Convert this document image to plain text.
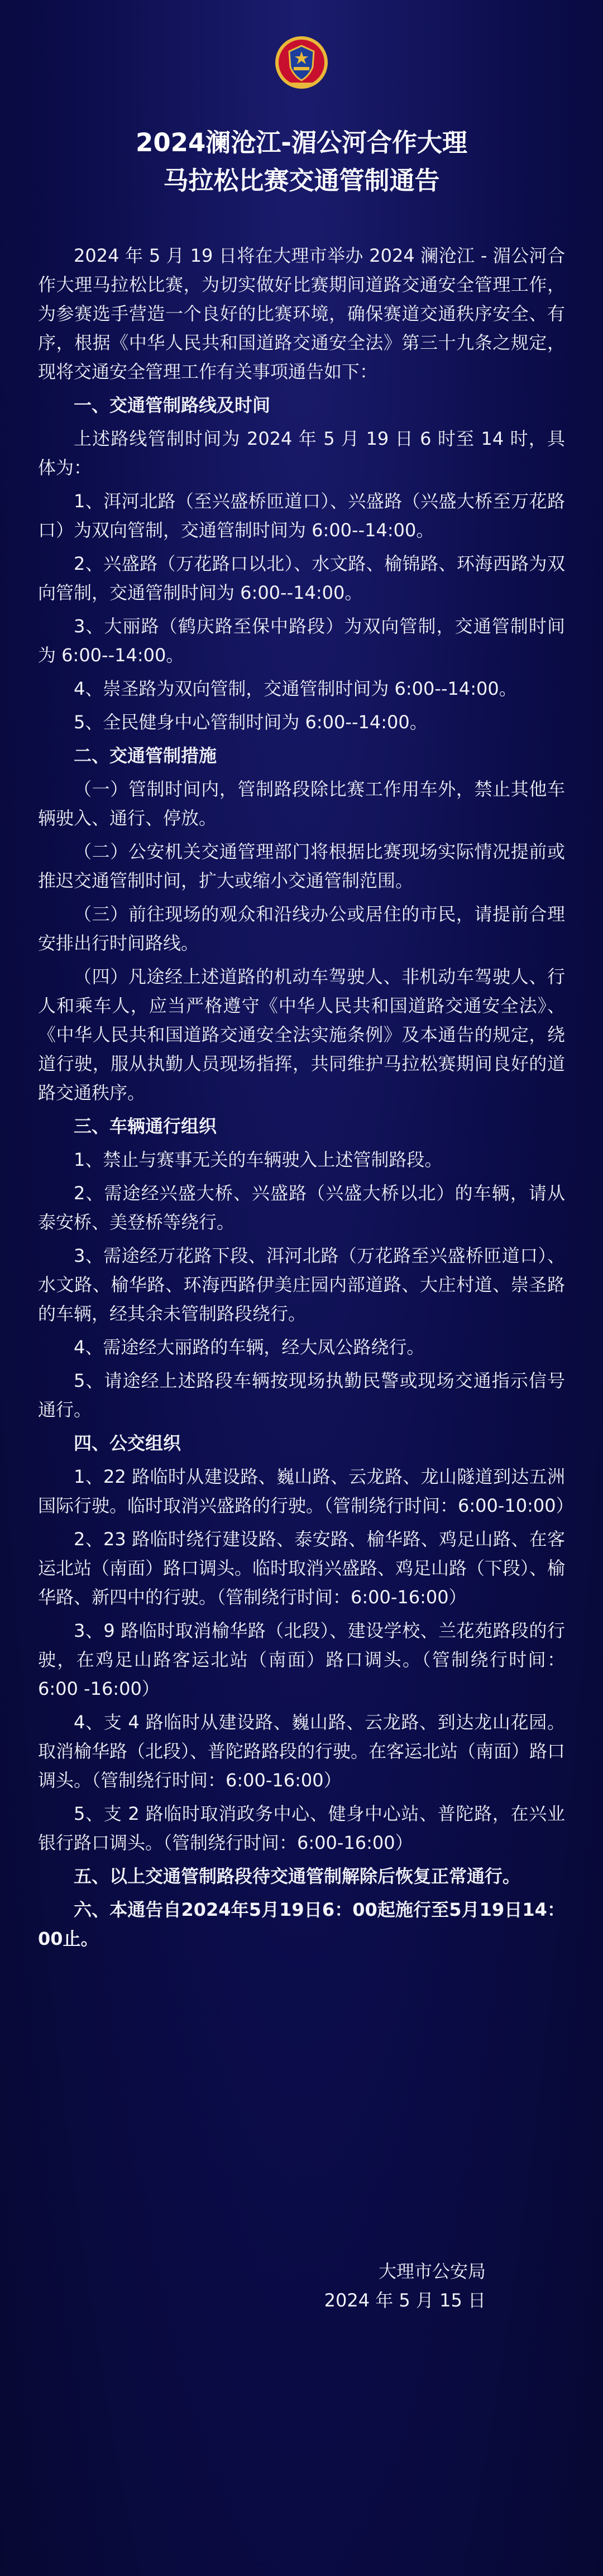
2024澜沧江-湄公河合作大理
马拉松比赛交通管制通告

2024 年 5 月 19 日将在大理市举办 2024 澜沧江 - 湄公河合作大理马拉松比赛，为切实做好比赛期间道路交通安全管理工作，为参赛选手营造一个良好的比赛环境，确保赛道交通秩序安全、有序，根据《中华人民共和国道路交通安全法》第三十九条之规定，现将交通安全管理工作有关事项通告如下：

一、交通管制路线及时间

上述路线管制时间为 2024 年 5 月 19 日 6 时至 14 时，具体为：

1、洱河北路（至兴盛桥匝道口）、兴盛路（兴盛大桥至万花路口）为双向管制，交通管制时间为 6:00--14:00。

2、兴盛路（万花路口以北）、水文路、榆锦路、环海西路为双向管制，交通管制时间为 6:00--14:00。

3、大丽路（鹤庆路至保中路段）为双向管制，交通管制时间为 6:00--14:00。

4、崇圣路为双向管制，交通管制时间为 6:00--14:00。

5、全民健身中心管制时间为 6:00--14:00。

二、交通管制措施

（一）管制时间内，管制路段除比赛工作用车外，禁止其他车辆驶入、通行、停放。

（二）公安机关交通管理部门将根据比赛现场实际情况提前或推迟交通管制时间，扩大或缩小交通管制范围。

（三）前往现场的观众和沿线办公或居住的市民，请提前合理安排出行时间路线。

（四）凡途经上述道路的机动车驾驶人、非机动车驾驶人、行人和乘车人，应当严格遵守《中华人民共和国道路交通安全法》、《中华人民共和国道路交通安全法实施条例》及本通告的规定，绕道行驶，服从执勤人员现场指挥，共同维护马拉松赛期间良好的道路交通秩序。

三、车辆通行组织

1、禁止与赛事无关的车辆驶入上述管制路段。

2、需途经兴盛大桥、兴盛路（兴盛大桥以北）的车辆，请从泰安桥、美登桥等绕行。

3、需途经万花路下段、洱河北路（万花路至兴盛桥匝道口）、水文路、榆华路、环海西路伊美庄园内部道路、大庄村道、崇圣路的车辆，经其余未管制路段绕行。

4、需途经大丽路的车辆，经大凤公路绕行。

5、请途经上述路段车辆按现场执勤民警或现场交通指示信号通行。

四、公交组织

1、22 路临时从建设路、巍山路、云龙路、龙山隧道到达五洲国际行驶。临时取消兴盛路的行驶。（管制绕行时间：6:00-10:00）

2、23 路临时绕行建设路、泰安路、榆华路、鸡足山路、在客运北站（南面）路口调头。临时取消兴盛路、鸡足山路（下段）、榆华路、新四中的行驶。（管制绕行时间：6:00-16:00）

3、9 路临时取消榆华路（北段）、建设学校、兰花苑路段的行驶，在鸡足山路客运北站（南面）路口调头。（管制绕行时间：6:00 -16:00）

4、支 4 路临时从建设路、巍山路、云龙路、到达龙山花园。取消榆华路（北段）、普陀路路段的行驶。在客运北站（南面）路口调头。（管制绕行时间：6:00-16:00）

5、支 2 路临时取消政务中心、健身中心站、普陀路，在兴业银行路口调头。（管制绕行时间：6:00-16:00）

五、以上交通管制路段待交通管制解除后恢复正常通行。

六、本通告自2024年5月19日6：00起施行至5月19日14：00止。

大理市公安局
2024 年 5 月 15 日
